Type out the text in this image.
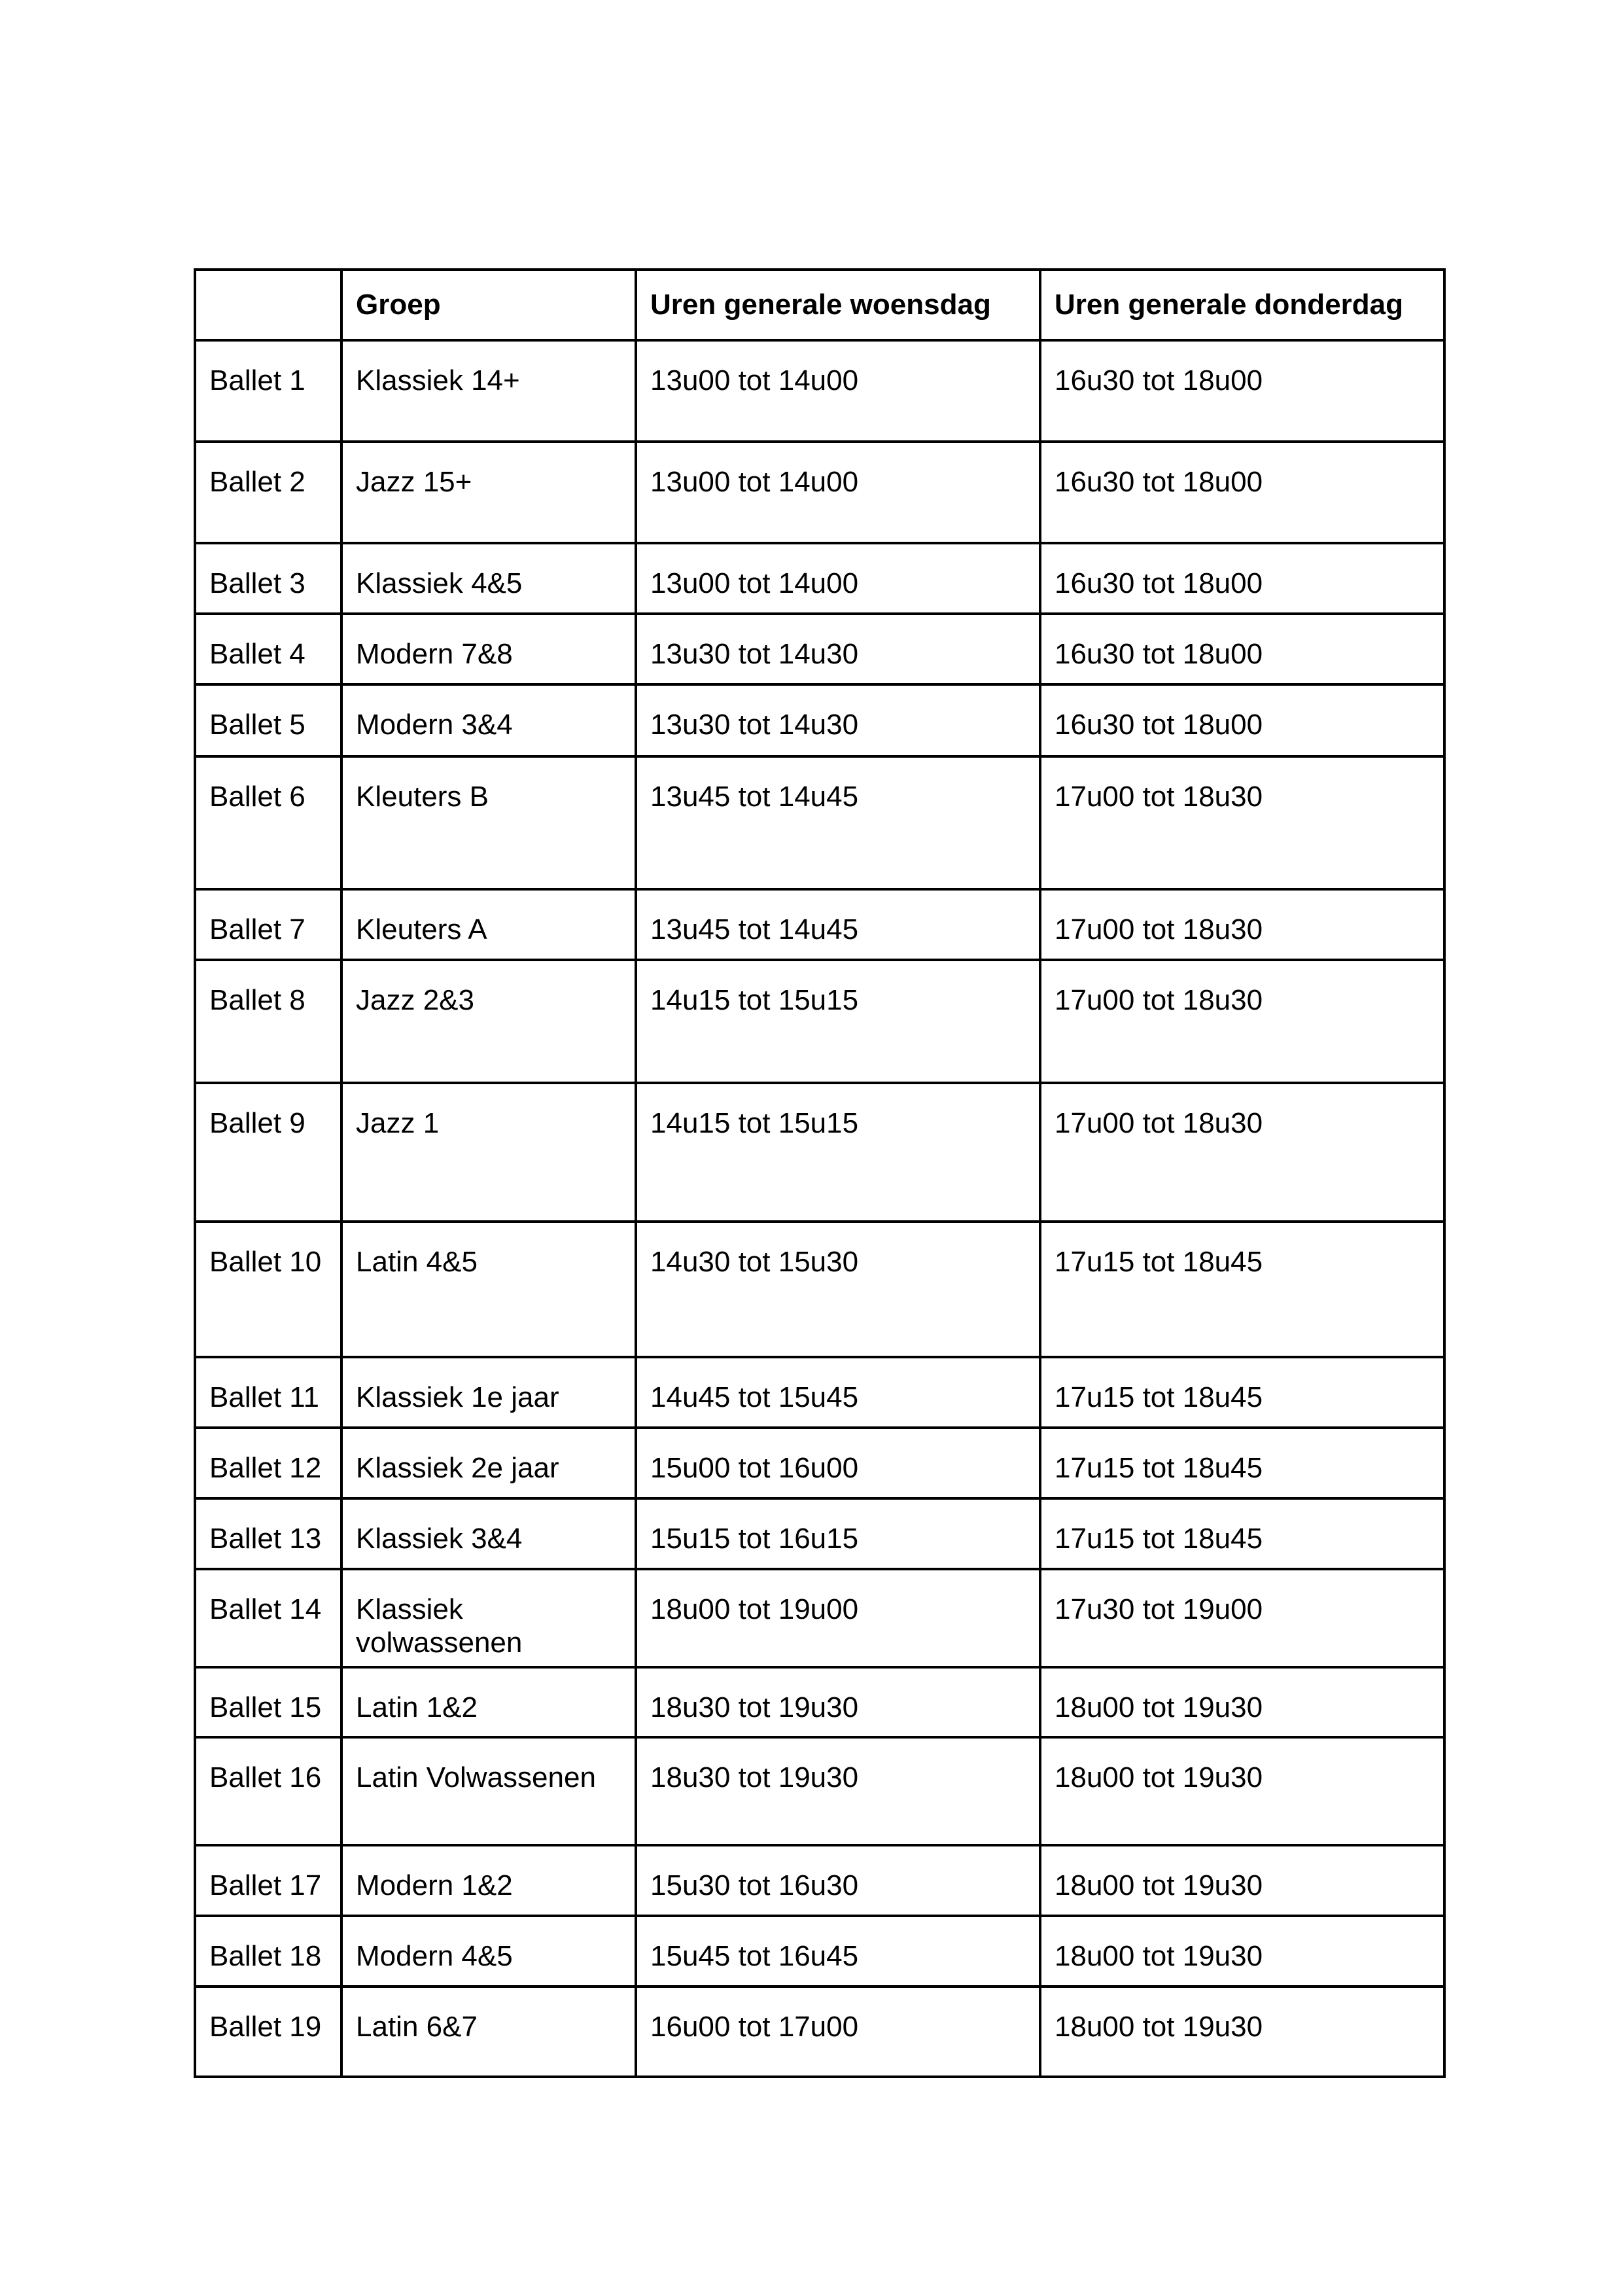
	Groep	Uren generale woensdag	Uren generale donderdag
Ballet 1	Klassiek 14+	13u00 tot 14u00	16u30 tot 18u00
Ballet 2	Jazz 15+	13u00 tot 14u00	16u30 tot 18u00
Ballet 3	Klassiek 4&5	13u00 tot 14u00	16u30 tot 18u00
Ballet 4	Modern 7&8	13u30 tot 14u30	16u30 tot 18u00
Ballet 5	Modern 3&4	13u30 tot 14u30	16u30 tot 18u00
Ballet 6	Kleuters B	13u45 tot 14u45	17u00 tot 18u30
Ballet 7	Kleuters A	13u45 tot 14u45	17u00 tot 18u30
Ballet 8	Jazz 2&3	14u15 tot 15u15	17u00 tot 18u30
Ballet 9	Jazz 1	14u15 tot 15u15	17u00 tot 18u30
Ballet 10	Latin 4&5	14u30 tot 15u30	17u15 tot 18u45
Ballet 11	Klassiek 1e jaar	14u45 tot 15u45	17u15 tot 18u45
Ballet 12	Klassiek 2e jaar	15u00 tot 16u00	17u15 tot 18u45
Ballet 13	Klassiek 3&4	15u15 tot 16u15	17u15 tot 18u45
Ballet 14	Klassiek volwassenen	18u00 tot 19u00	17u30 tot 19u00
Ballet 15	Latin 1&2	18u30 tot 19u30	18u00 tot 19u30
Ballet 16	Latin Volwassenen	18u30 tot 19u30	18u00 tot 19u30
Ballet 17	Modern 1&2	15u30 tot 16u30	18u00 tot 19u30
Ballet 18	Modern 4&5	15u45 tot 16u45	18u00 tot 19u30
Ballet 19	Latin 6&7	16u00 tot 17u00	18u00 tot 19u30
